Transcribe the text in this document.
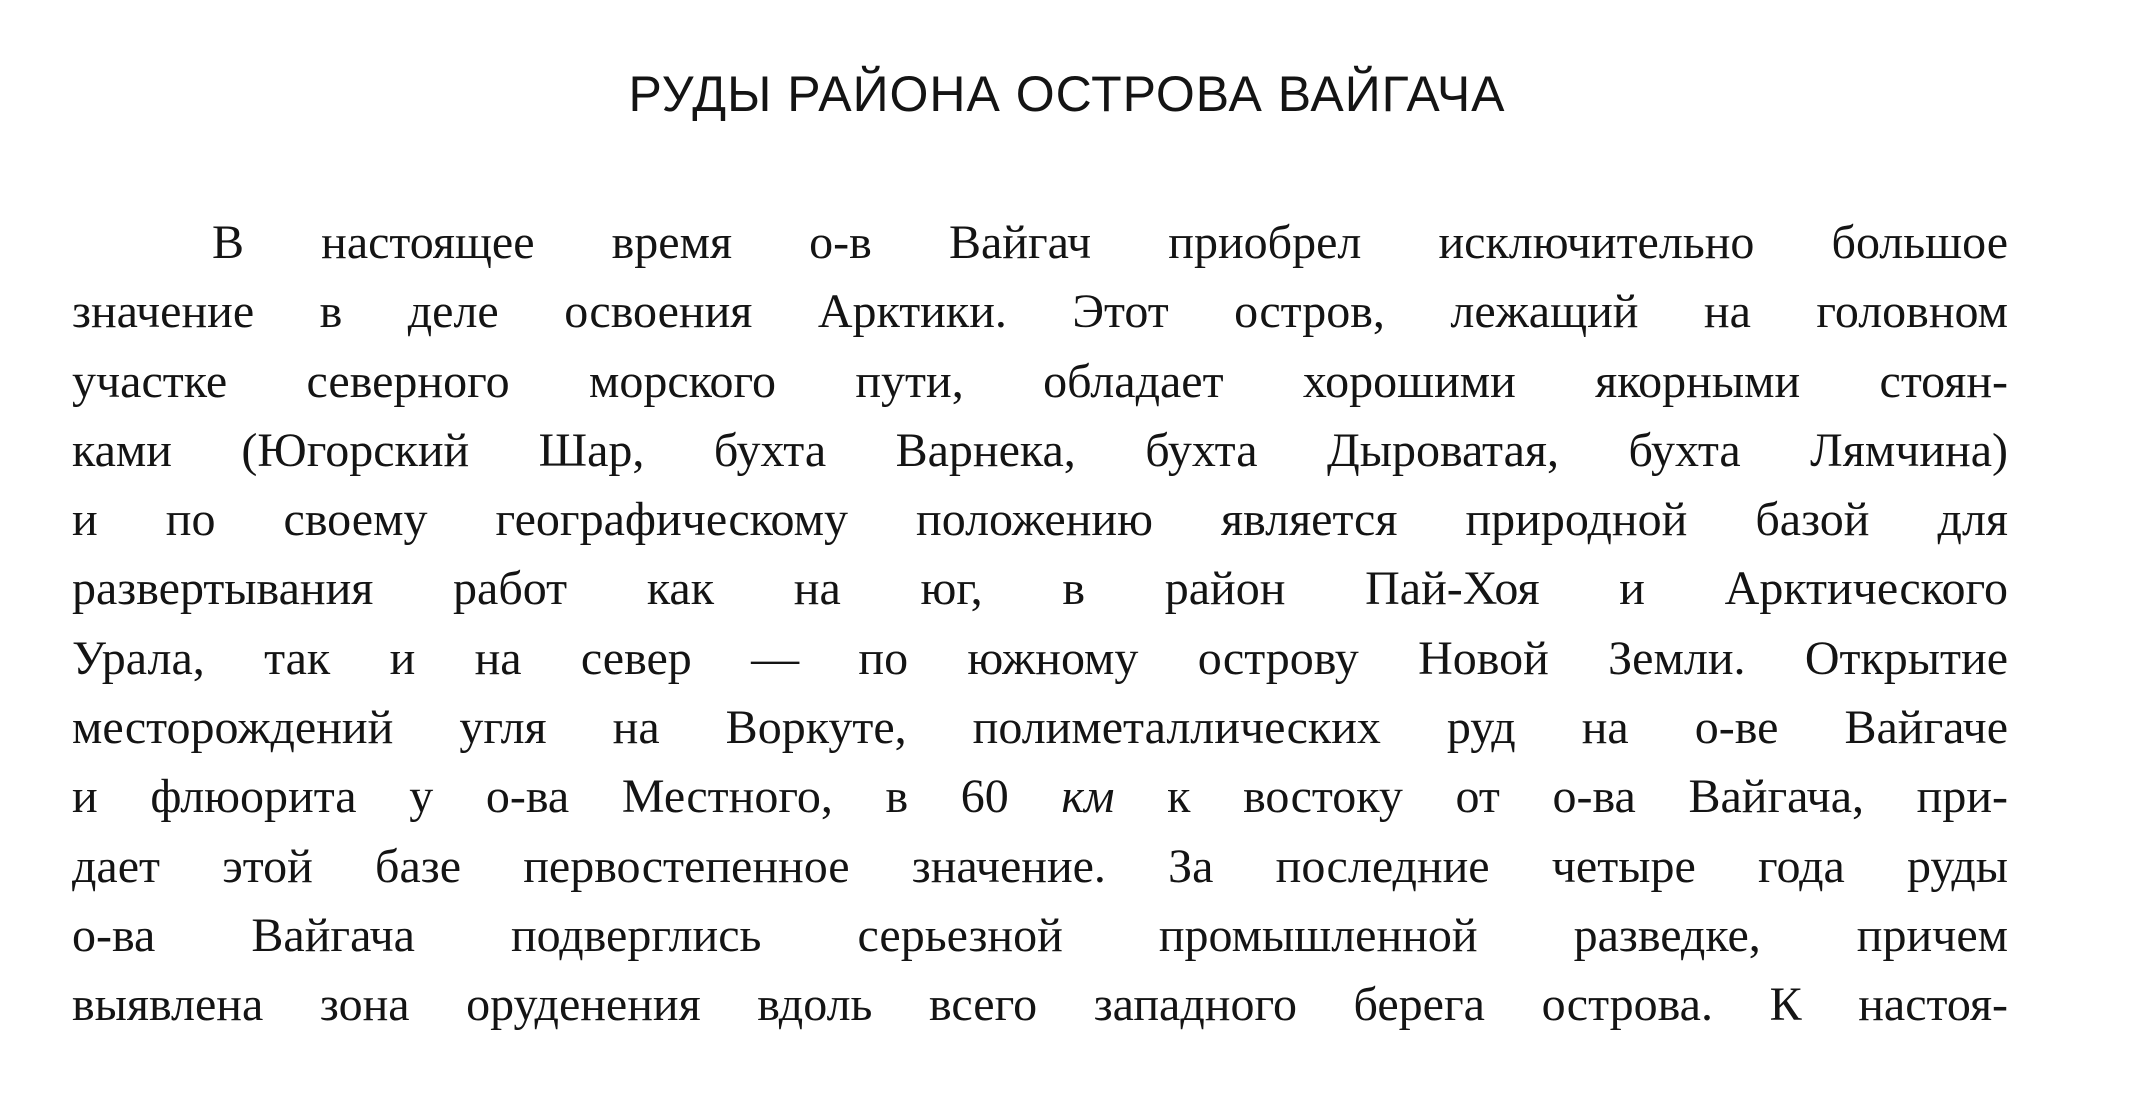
РУДЫ РАЙОНА ОСТРОВА ВАЙГАЧА
В настоящее время о-в Вайгач приобрел исключительно большое
значение в деле освоения Арктики. Этот остров, лежащий на головном
участке северного морского пути, обладает хорошими якорными стоян-
ками (Югорский Шар, бухта Варнека, бухта Дыроватая, бухта Лямчина)
и по своему географическому положению является природной базой для
развертывания работ как на юг, в район Пай-Хоя и Арктического
Урала, так и на север — по южному острову Новой Земли. Открытие
месторождений угля на Воркуте, полиметаллических руд на о-ве Вайгаче
и флюорита у о-ва Местного, в 60 км к востоку от о-ва Вайгача, при-
дает этой базе первостепенное значение. За последние четыре года руды
о-ва Вайгача подверглись серьезной промышленной разведке, причем
выявлена зона оруденения вдоль всего западного берега острова. К настоя-
